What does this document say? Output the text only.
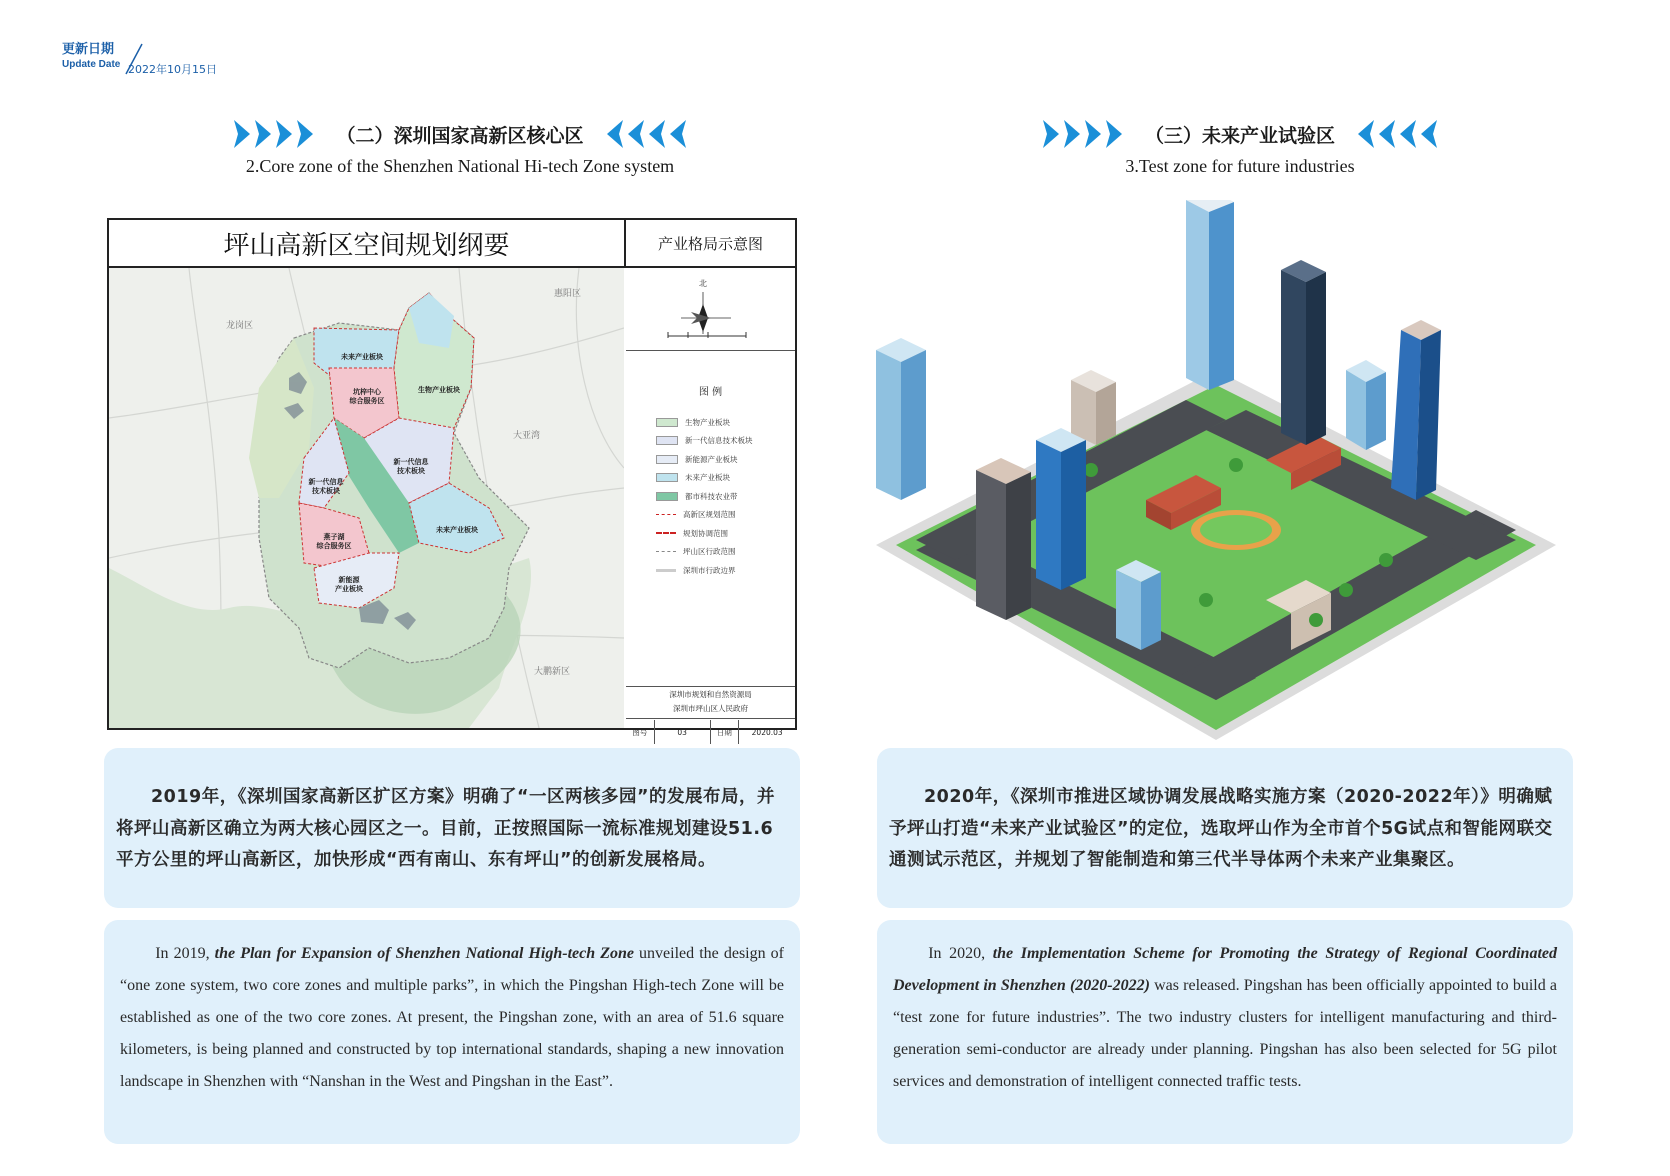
更新日期
Update Date 2022年10月15日
（二）深圳国家高新区核心区
2.Core zone of the Shenzhen National Hi-tech Zone system
（三）未来产业试验区
3.Test zone for future industries
坪山高新区空间规划纲要	产业格局示意图
未来产业板块
坑梓中心
综合服务区
生物产业板块
新一代信息
技术板块
新一代信息
技术板块
燕子湖
综合服务区
未来产业板块
新能源
产业板块
惠阳区
龙岗区
大亚湾
大鹏新区
北
图 例
生物产业板块
新一代信息技术板块
新能源产业板块
未来产业板块
都市科技农业带
高新区规划范围
规划协调范围
坪山区行政范围
深圳市行政边界
深圳市规划和自然资源局
深圳市坪山区人民政府
图号	03	日期	2020.03
2019年，《深圳国家高新区扩区方案》明确了“一区两核多园”的发展布局，并将坪山高新区确立为两大核心园区之一。目前，正按照国际一流标准规划建设51.6平方公里的坪山高新区，加快形成“西有南山、东有坪山”的创新发展格局。
2020年，《深圳市推进区域协调发展战略实施方案（2020-2022年）》明确赋予坪山打造“未来产业试验区”的定位，选取坪山作为全市首个5G试点和智能网联交通测试示范区，并规划了智能制造和第三代半导体两个未来产业集聚区。
In 2019, the Plan for Expansion of Shenzhen National High-tech Zone unveiled the design of “one zone system, two core zones and multiple parks”, in which the Pingshan High-tech Zone will be established as one of the two core zones. At present, the Pingshan zone, with an area of 51.6 square kilometers, is being planned and constructed by top international standards, shaping a new innovation landscape in Shenzhen with “Nanshan in the West and Pingshan in the East”.
In 2020, the Implementation Scheme for Promoting the Strategy of Regional Coordinated Development in Shenzhen (2020-2022) was released. Pingshan has been officially appointed to build a “test zone for future industries”. The two industry clusters for intelligent manufacturing and third-generation semi-conductor are already under planning. Pingshan has also been selected for 5G pilot services and demonstration of intelligent connected traffic tests.
